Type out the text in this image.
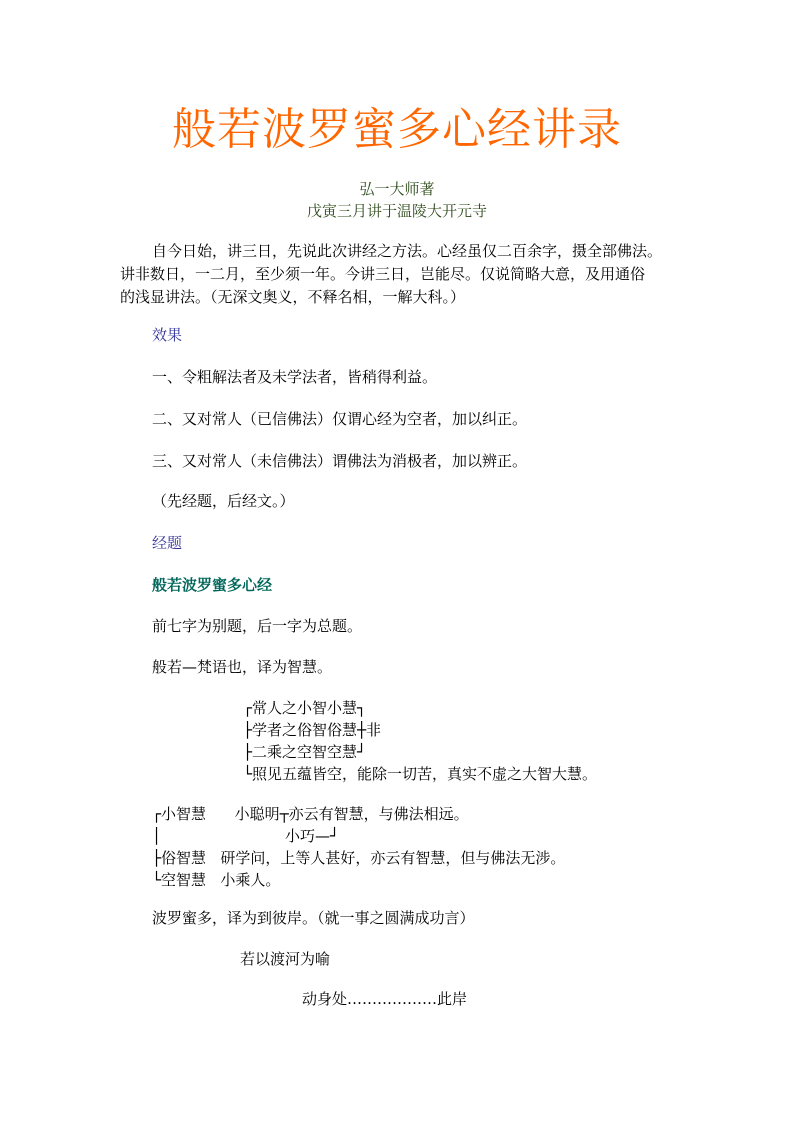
般若波罗蜜多心经讲录
弘一大师著
戊寅三月讲于温陵大开元寺
自今日始，讲三日，先说此次讲经之方法。心经虽仅二百余字，摄全部佛法。
讲非数日，一二月，至少须一年。今讲三日，岂能尽。仅说简略大意，及用通俗
的浅显讲法。（无深文奥义，不释名相，一解大科。）
效果
一、令粗解法者及未学法者，皆稍得利益。
二、又对常人（已信佛法）仅谓心经为空者，加以纠正。
三、又对常人（未信佛法）谓佛法为消极者，加以辨正。
（先经题，后经文。）
经题
般若波罗蜜多心经
前七字为别题，后一字为总题。
般若—梵语也，译为智慧。
┌常人之小智小慧┐
├学者之俗智俗慧┼非
├二乘之空智空慧┘
└照见五蕴皆空，能除一切苦，真实不虚之大智大慧。
┌小智慧      小聪明┬亦云有智慧，与佛法相远。
│                          小巧—┘
├俗智慧   研学问，上等人甚好，亦云有智慧，但与佛法无涉。
└空智慧   小乘人。
波罗蜜多，译为到彼岸。（就一事之圆满成功言）
若以渡河为喻
动身处………………此岸
